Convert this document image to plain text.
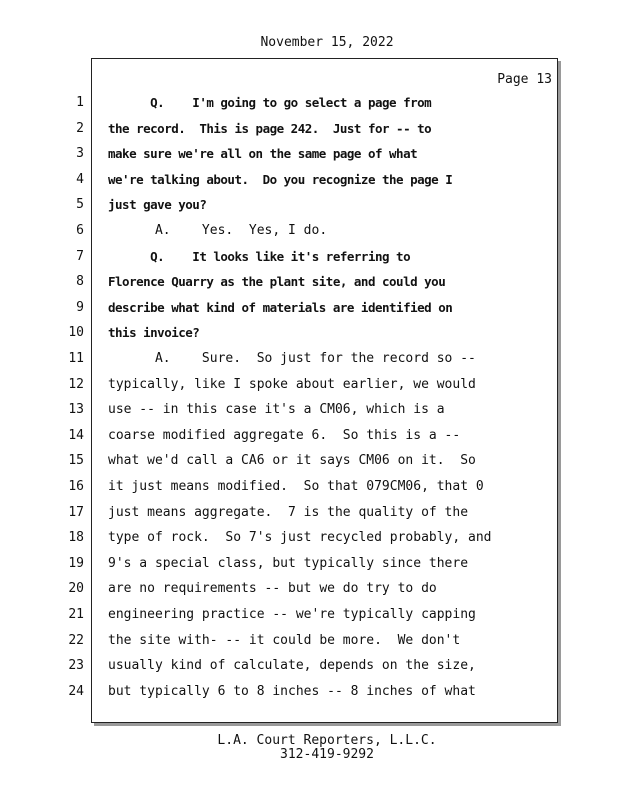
November 15, 2022
Page 13
1 Q.    I'm going to go select a page from
2 the record.  This is page 242.  Just for -- to
3 make sure we're all on the same page of what
4 we're talking about.  Do you recognize the page I
5 just gave you?
6 A.    Yes.  Yes, I do.
7 Q.    It looks like it's referring to
8 Florence Quarry as the plant site, and could you
9 describe what kind of materials are identified on
10 this invoice?
11 A.    Sure.  So just for the record so --
12 typically, like I spoke about earlier, we would
13 use -- in this case it's a CM06, which is a
14 coarse modified aggregate 6.  So this is a --
15 what we'd call a CA6 or it says CM06 on it.  So
16 it just means modified.  So that 079CM06, that 0
17 just means aggregate.  7 is the quality of the
18 type of rock.  So 7's just recycled probably, and
19 9's a special class, but typically since there
20 are no requirements -- but we do try to do
21 engineering practice -- we're typically capping
22 the site with- -- it could be more.  We don't
23 usually kind of calculate, depends on the size,
24 but typically 6 to 8 inches -- 8 inches of what
L.A. Court Reporters, L.L.C.
312-419-9292
